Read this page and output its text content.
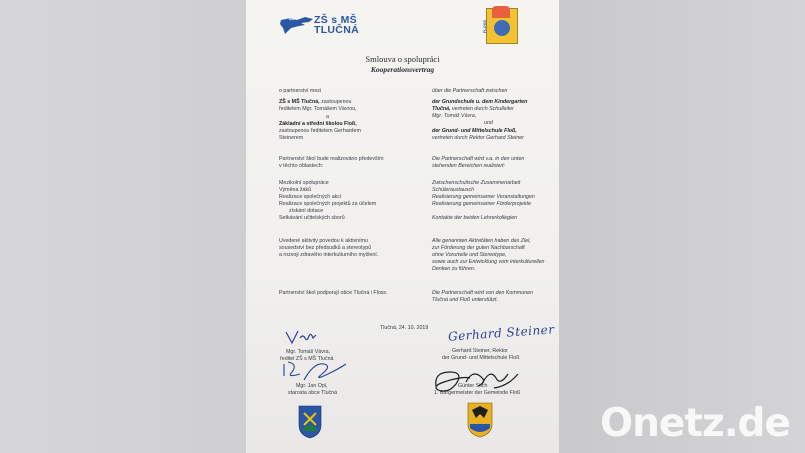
ZŠ s MŠ
TLUČNÁ	FLOSS
Smlouva o spolupráci
Kooperationsvertrag
o partnerství mezi
ZŠ s MŠ Tlučná, zastoupenou
ředitelem Mgr. Tomášem Vávrou,
a
Základní a střední školou Floß,
zastoupenou ředitelem Gerhardem
Steinerem
Partnerství škol bude realizováno především
v těchto oblastech:
Mezikolní spolupráce
Výměna žáků
Realizace společných akcí
Realizace společných projektů za účelem
získání dotace
Setkávání učitelských sborů
Uvedené aktivity povedou k aktivnímu
sousedství bez předsudků a stereotypů
a rozvoji zdravého interkulturního myšlení.
Partnerství škol podporují obce Tlučná i Floss.
über die Partnerschaft zwischen
der Grundschule u. dem Kindergarten
Tlučná, vertreten durch Schulleiter
Mgr. Tomáš Vávra,
und
der Grund- und Mittelschule Floß,
vertreten durch Rektor Gerhard Steiner
Die Partnerschaft wird v.a. in den unten
stehenden Bereichen realisiert:
Zwischenschulische Zusammenarbeit
Schüleraustausch
Realisierung gemeinsamer Veranstaltungen
Realisierung gemeinsamer Förderprojekte
Kontakte der beiden Lehrerkollegien
Alle genannten Aktivitäten haben das Ziel,
zur Förderung der guten Nachbarschaft
ohne Vorurteile und Stereotype,
sowie auch zur Entwicklung vom interkulturellen
Denken zu führen.
Die Partnerschaft wird von den Kommunen
Tlučná und Floß unterstützt.
Tlučná, 24. 10. 2019
Mgr. Tomáš Vávra,
ředitel ZŠ s MŠ Tlučná
Mgr. Jan Opl,
starosta obce Tlučná
Gerhard Steiner
Gerhard Steiner, Rektor
der Grund- und Mittelschule Floß
Günter Stich
1. Bürgermeister der Gemeinde Floß
Onetz.de
